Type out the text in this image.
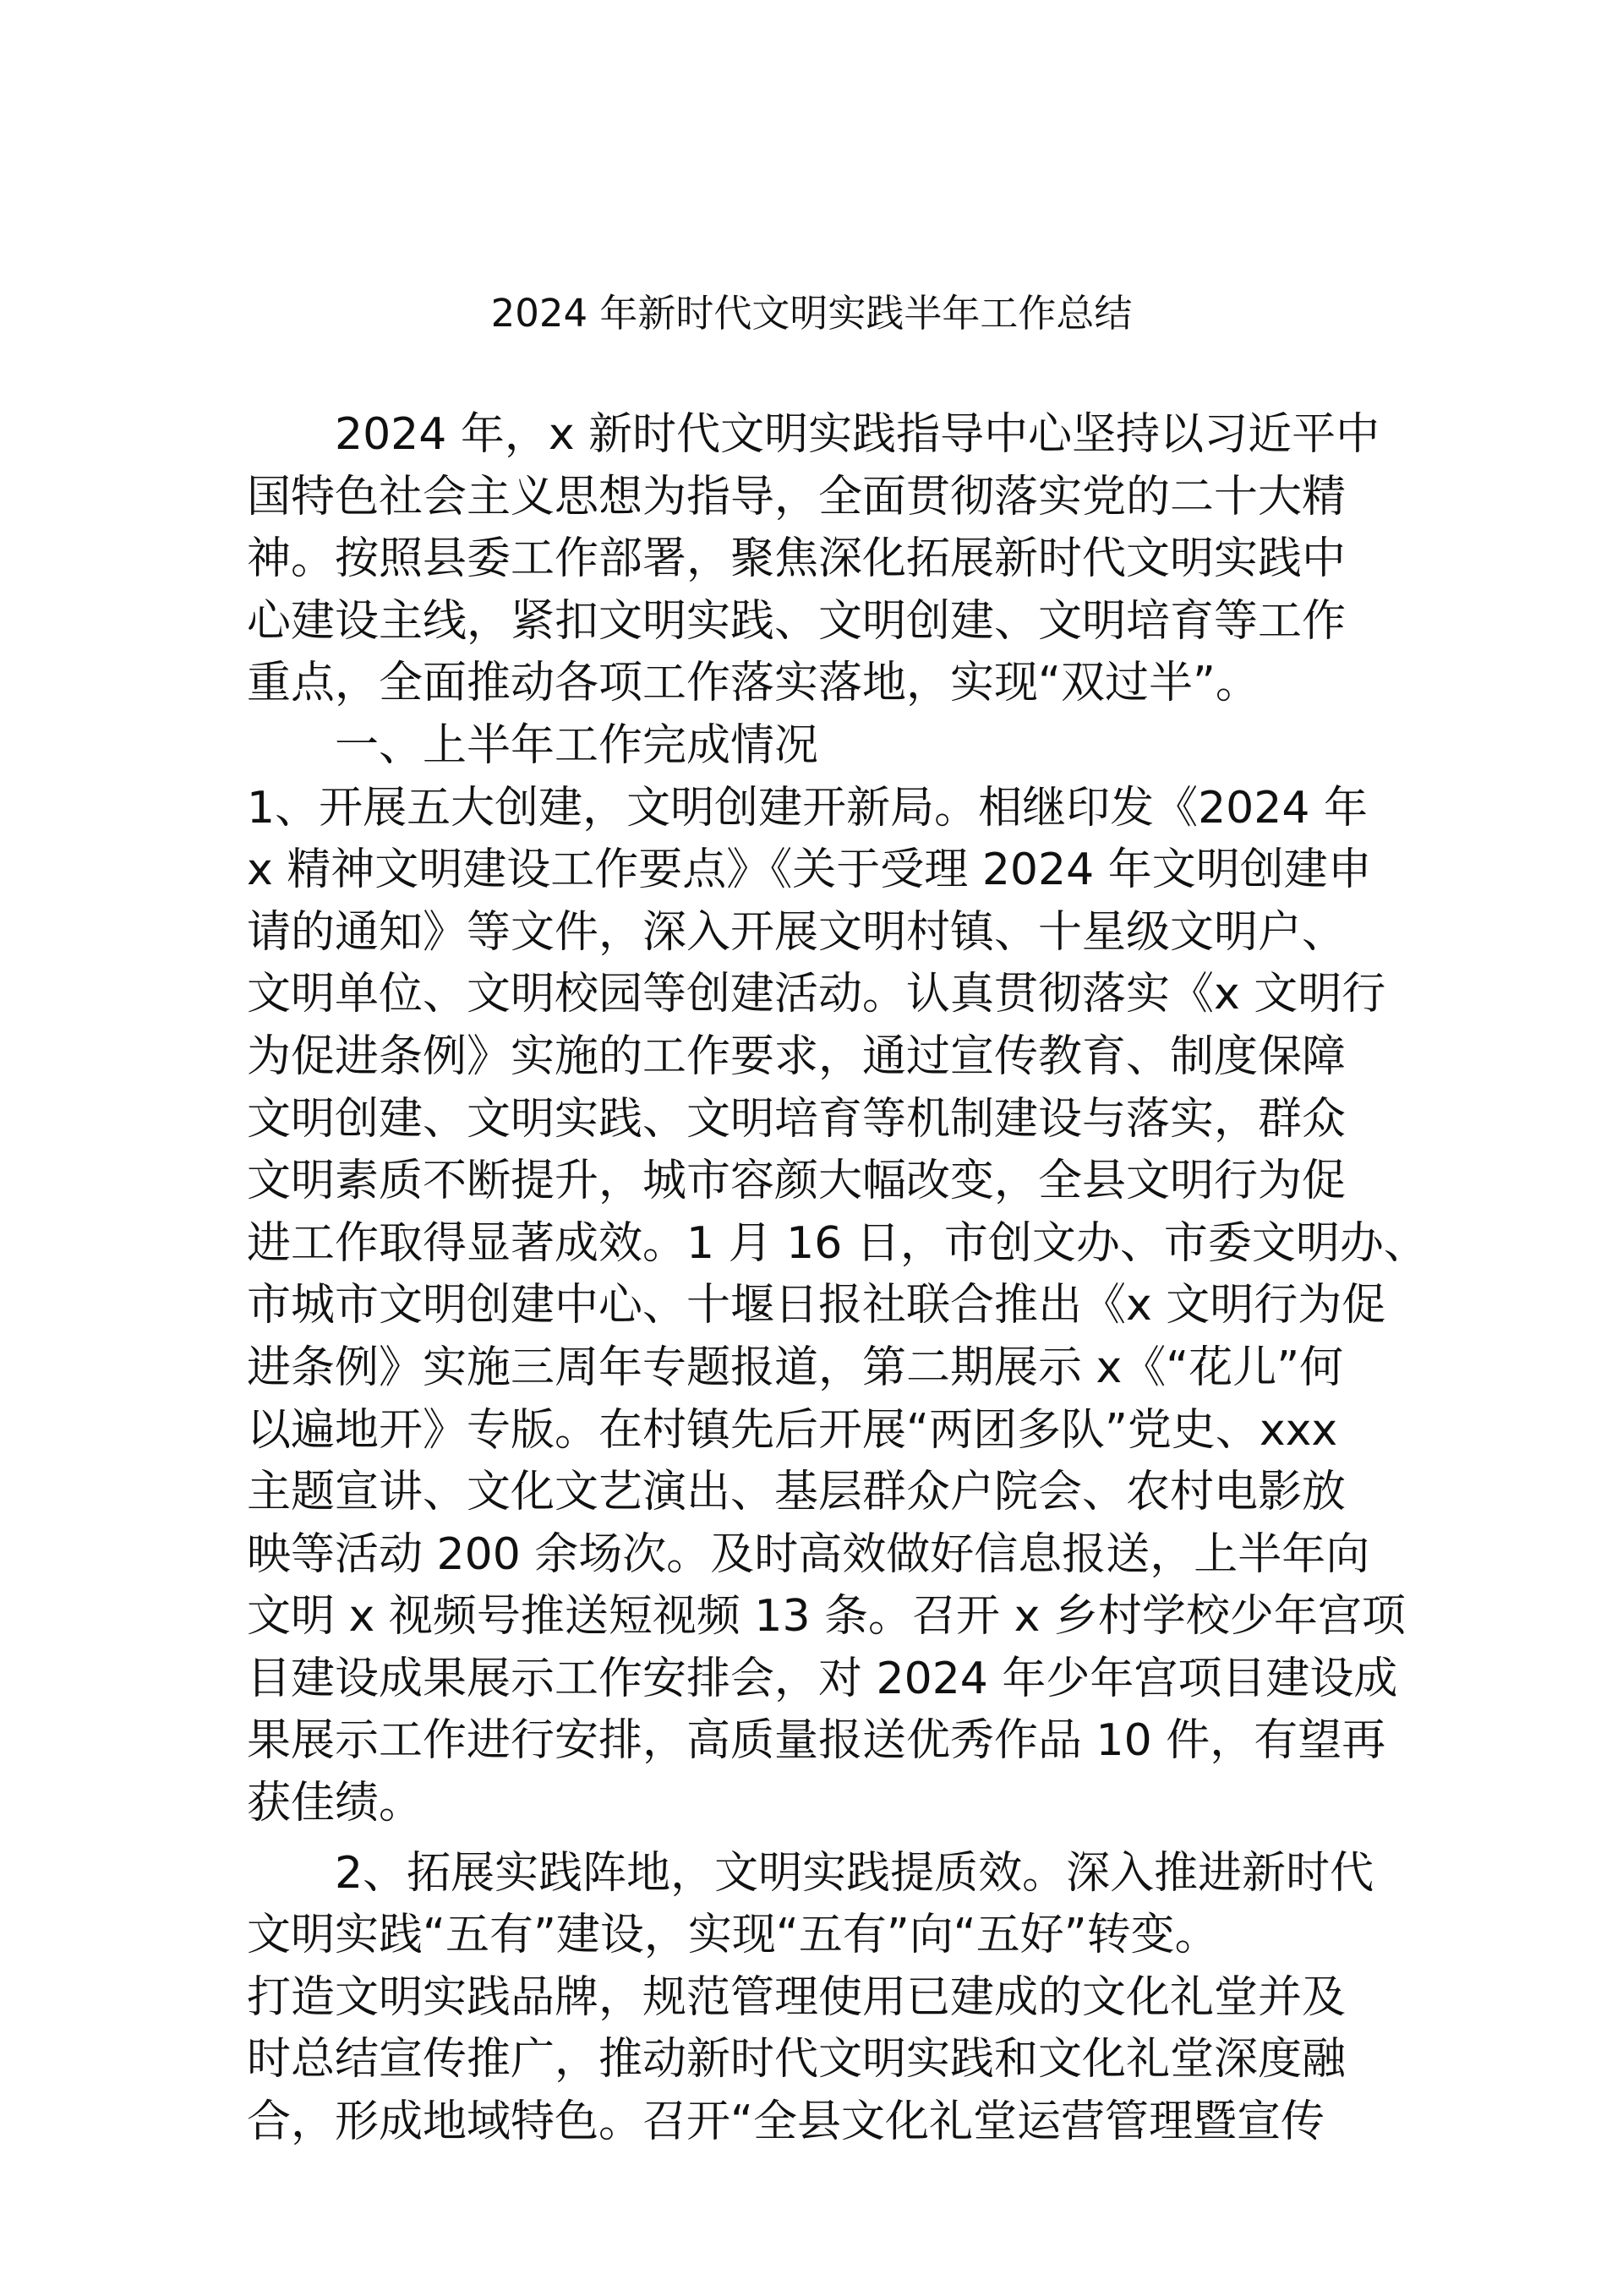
2024 年新时代文明实践半年工作总结
2024 年，x 新时代文明实践指导中心坚持以习近平中
国特色社会主义思想为指导，全面贯彻落实党的二十大精
神。按照县委工作部署，聚焦深化拓展新时代文明实践中
心建设主线，紧扣文明实践、文明创建、文明培育等工作
重点，全面推动各项工作落实落地，实现“双过半”。
一、上半年工作完成情况
1、开展五大创建，文明创建开新局。相继印发《2024 年
x 精神文明建设工作要点》《关于受理 2024 年文明创建申
请的通知》等文件，深入开展文明村镇、十星级文明户、
文明单位、文明校园等创建活动。认真贯彻落实《x 文明行
为促进条例》实施的工作要求，通过宣传教育、制度保障
文明创建、文明实践、文明培育等机制建设与落实，群众
文明素质不断提升，城市容颜大幅改变，全县文明行为促
进工作取得显著成效。1 月 16 日，市创文办、市委文明办、
市城市文明创建中心、十堰日报社联合推出《x 文明行为促
进条例》实施三周年专题报道，第二期展示 x《“花儿”何
以遍地开》专版。在村镇先后开展“两团多队”党史、xxx
主题宣讲、文化文艺演出、基层群众户院会、农村电影放
映等活动 200 余场次。及时高效做好信息报送，上半年向
文明 x 视频号推送短视频 13 条。召开 x 乡村学校少年宫项
目建设成果展示工作安排会，对 2024 年少年宫项目建设成
果展示工作进行安排，高质量报送优秀作品 10 件，有望再
获佳绩。
2、拓展实践阵地，文明实践提质效。深入推进新时代
文明实践“五有”建设，实现“五有”向“五好”转变。
打造文明实践品牌，规范管理使用已建成的文化礼堂并及
时总结宣传推广，推动新时代文明实践和文化礼堂深度融
合，形成地域特色。召开“全县文化礼堂运营管理暨宣传
